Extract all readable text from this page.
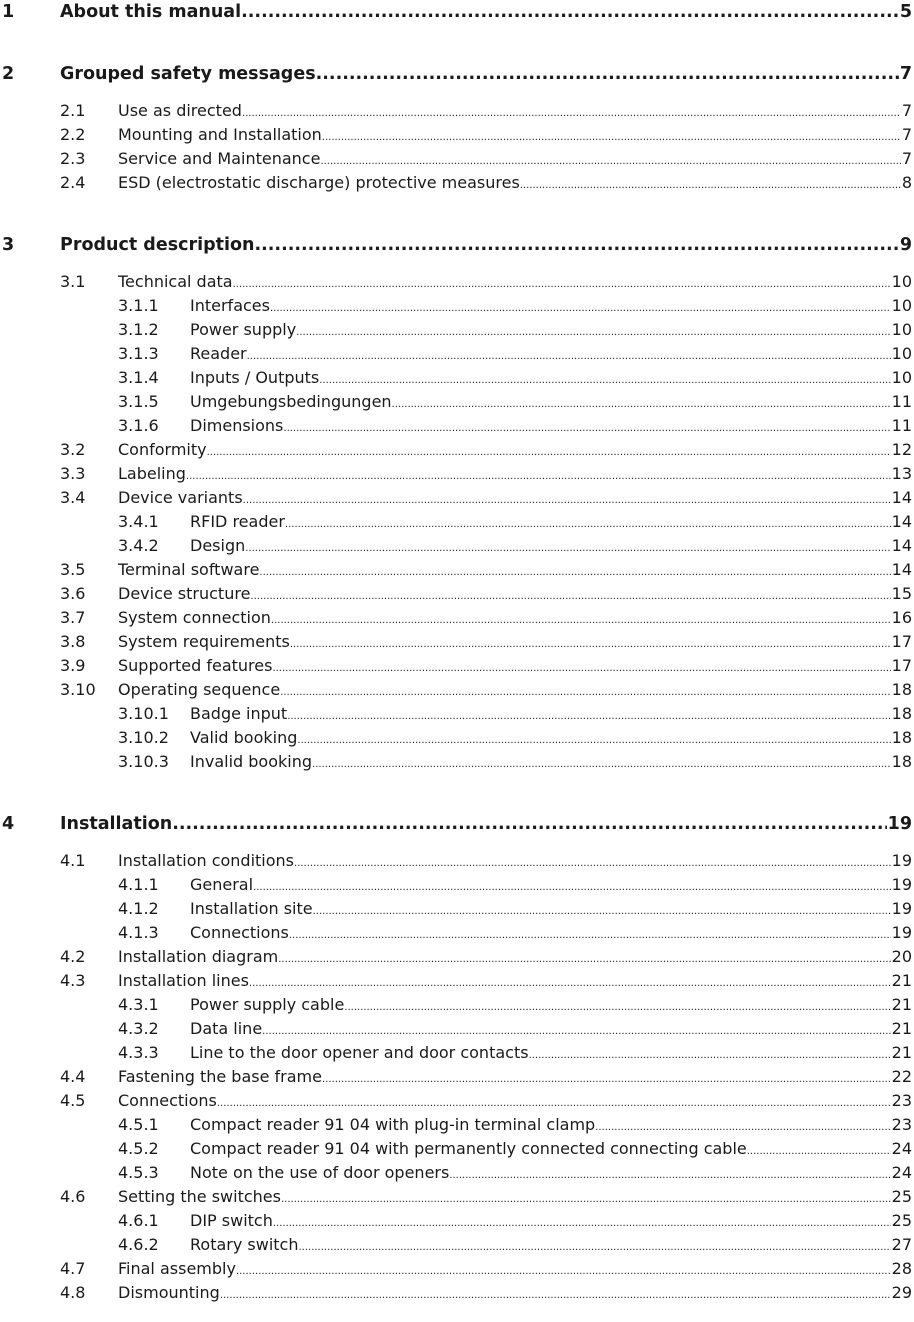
1	About this manual .....	5
2	Grouped safety messages .....	7
2.1 Use as directed .....	7
2.2 Mounting and Installation .....	7
2.3 Service and Maintenance .....	7
2.4 ESD (electrostatic discharge) protective measures .....	8
3	Product description .....	9
3.1 Technical data .....	10
3.1.1 Interfaces .....	10
3.1.2 Power supply .....	10
3.1.3 Reader .....	10
3.1.4 Inputs / Outputs .....	10
3.1.5 Umgebungsbedingungen .....	11
3.1.6 Dimensions .....	11
3.2 Conformity .....	12
3.3 Labeling .....	13
3.4 Device variants .....	14
3.4.1 RFID reader .....	14
3.4.2 Design .....	14
3.5 Terminal software .....	14
3.6 Device structure .....	15
3.7 System connection .....	16
3.8 System requirements .....	17
3.9 Supported features .....	17
3.10 Operating sequence .....	18
3.10.1 Badge input .....	18
3.10.2 Valid booking .....	18
3.10.3 Invalid booking .....	18
4	Installation .....	19
4.1 Installation conditions .....	19
4.1.1 General .....	19
4.1.2 Installation site .....	19
4.1.3 Connections .....	19
4.2 Installation diagram .....	20
4.3 Installation lines .....	21
4.3.1 Power supply cable .....	21
4.3.2 Data line .....	21
4.3.3 Line to the door opener and door contacts .....	21
4.4 Fastening the base frame .....	22
4.5 Connections .....	23
4.5.1 Compact reader 91 04 with plug-in terminal clamp .....	23
4.5.2 Compact reader 91 04 with permanently connected connecting cable .....	24
4.5.3 Note on the use of door openers .....	24
4.6 Setting the switches .....	25
4.6.1 DIP switch .....	25
4.6.2 Rotary switch .....	27
4.7 Final assembly .....	28
4.8 Dismounting .....	29
